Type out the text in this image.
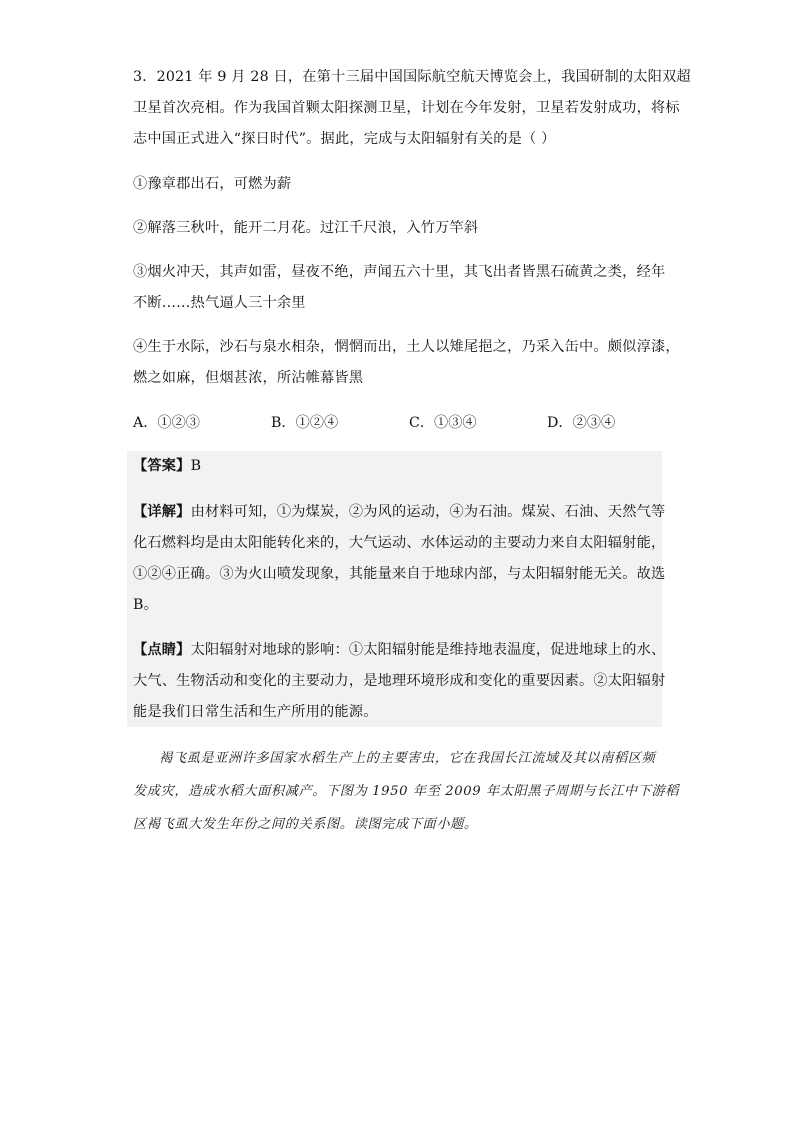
3．2021 年 9 月 28 日，在第十三届中国国际航空航天博览会上，我国研制的太阳双超
卫星首次亮相。作为我国首颗太阳探测卫星，计划在今年发射，卫星若发射成功，将标
志中国正式进入“探日时代”。据此，完成与太阳辐射有关的是（ ）
①豫章郡出石，可燃为薪
②解落三秋叶，能开二月花。过江千尺浪，入竹万竿斜
③烟火冲天，其声如雷，昼夜不绝，声闻五六十里，其飞出者皆黑石硫黄之类，经年
不断……热气逼人三十余里
④生于水际，沙石与泉水相杂，惘惘而出，土人以雉尾挹之，乃采入缶中。颇似淳漆，
燃之如麻，但烟甚浓，所沾帷幕皆黑
A．①②③	B．①②④	C．①③④	D．②③④
【答案】B
【详解】由材料可知，①为煤炭，②为风的运动，④为石油。煤炭、石油、天然气等
化石燃料均是由太阳能转化来的，大气运动、水体运动的主要动力来自太阳辐射能，
①②④正确。③为火山喷发现象，其能量来自于地球内部，与太阳辐射能无关。故选
B。
【点睛】太阳辐射对地球的影响：①太阳辐射能是维持地表温度，促进地球上的水、
大气、生物活动和变化的主要动力，是地理环境形成和变化的重要因素。②太阳辐射
能是我们日常生活和生产所用的能源。
褐飞虱是亚洲许多国家水稻生产上的主要害虫，它在我国长江流域及其以南稻区频
发成灾，造成水稻大面积减产。下图为 1950 年至 2009 年太阳黑子周期与长江中下游稻
区褐飞虱大发生年份之间的关系图。读图完成下面小题。
